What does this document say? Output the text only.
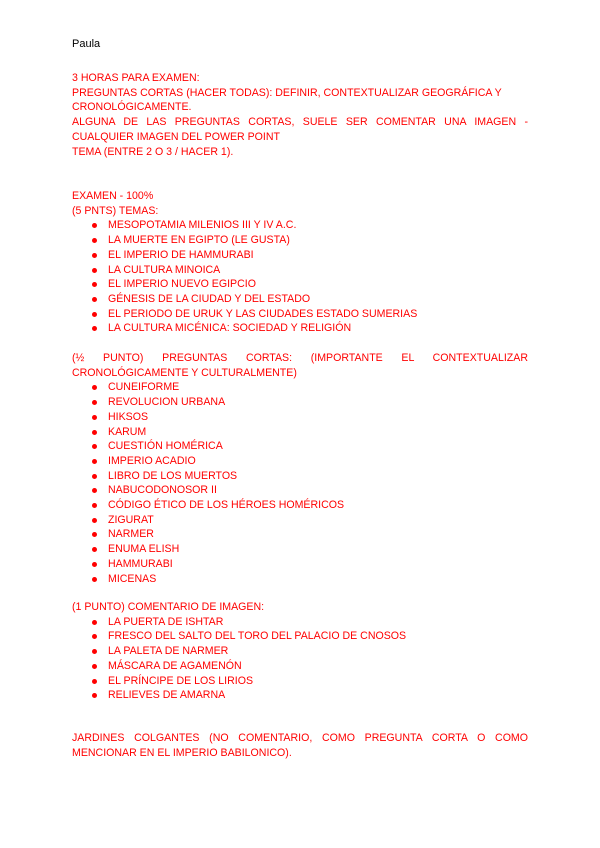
Paula
3 HORAS PARA EXAMEN:
PREGUNTAS CORTAS (HACER TODAS): DEFINIR, CONTEXTUALIZAR GEOGRÁFICA Y
CRONOLÓGICAMENTE.
ALGUNA DE LAS PREGUNTAS CORTAS, SUELE SER COMENTAR UNA IMAGEN -
CUALQUIER IMAGEN DEL POWER POINT
TEMA (ENTRE 2 O 3 / HACER 1).
EXAMEN - 100%
(5 PNTS) TEMAS:
MESOPOTAMIA MILENIOS III Y IV A.C.
LA MUERTE EN EGIPTO (LE GUSTA)
EL IMPERIO DE HAMMURABI
LA CULTURA MINOICA
EL IMPERIO NUEVO EGIPCIO
GÉNESIS DE LA CIUDAD Y DEL ESTADO
EL PERIODO DE URUK Y LAS CIUDADES ESTADO SUMERIAS
LA CULTURA MICÉNICA: SOCIEDAD Y RELIGIÓN
(½ PUNTO) PREGUNTAS CORTAS: (IMPORTANTE EL CONTEXTUALIZAR
CRONOLÓGICAMENTE Y CULTURALMENTE)
CUNEIFORME
REVOLUCION URBANA
HIKSOS
KARUM
CUESTIÓN HOMÉRICA
IMPERIO ACADIO
LIBRO DE LOS MUERTOS
NABUCODONOSOR II
CÓDIGO ÉTICO DE LOS HÉROES HOMÉRICOS
ZIGURAT
NARMER
ENUMA ELISH
HAMMURABI
MICENAS
(1 PUNTO) COMENTARIO DE IMAGEN:
LA PUERTA DE ISHTAR
FRESCO DEL SALTO DEL TORO DEL PALACIO DE CNOSOS
LA PALETA DE NARMER
MÁSCARA DE AGAMENÓN
EL PRÍNCIPE DE LOS LIRIOS
RELIEVES DE AMARNA
JARDINES COLGANTES (NO COMENTARIO, COMO PREGUNTA CORTA O COMO
MENCIONAR EN EL IMPERIO BABILONICO).
